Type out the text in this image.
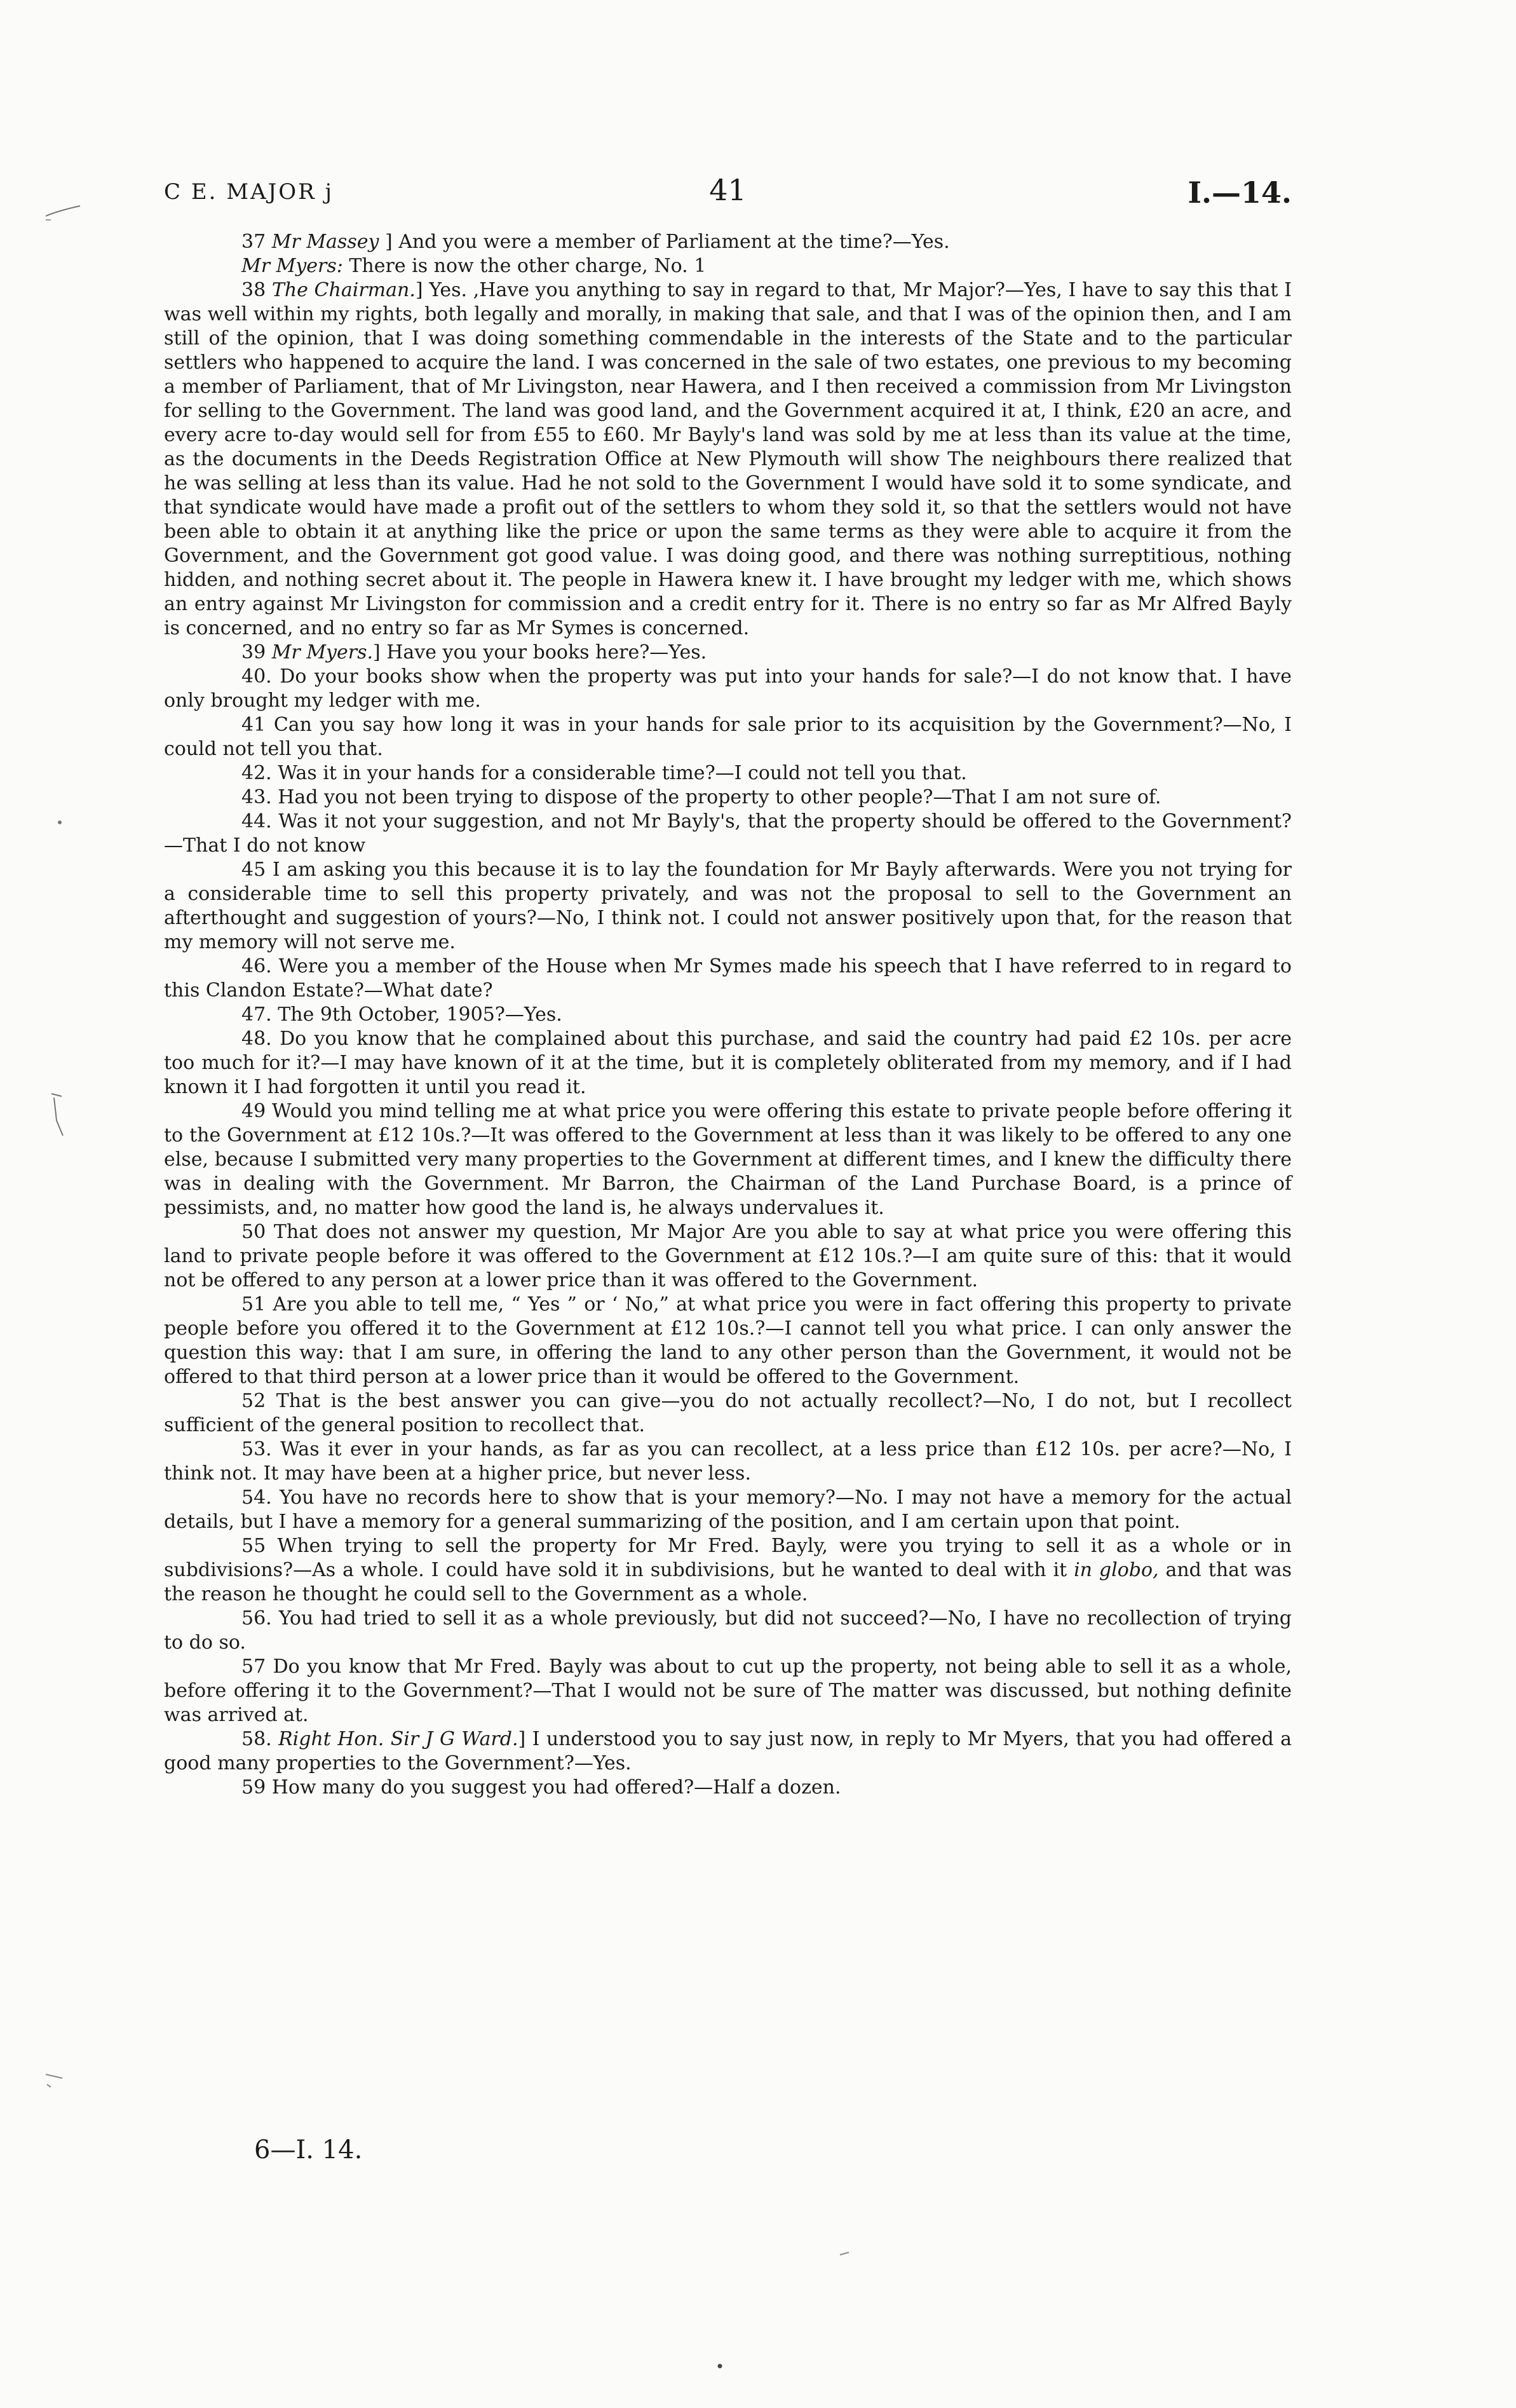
C E. MAJOR j	41	I.—14.

37 Mr Massey ] And you were a member of Parliament at the time?—Yes.

Mr Myers: There is now the other charge, No. 1

38 The Chairman.] Yes. ,Have you anything to say in regard to that, Mr Major?—Yes, I have to say this that I was well within my rights, both legally and morally, in making that sale, and that I was of the opinion then, and I am still of the opinion, that I was doing something commendable in the interests of the State and to the particular settlers who happened to acquire the land. I was concerned in the sale of two estates, one previous to my becoming a member of Parliament, that of Mr Livingston, near Hawera, and I then received a commission from Mr Livingston for selling to the Government. The land was good land, and the Government acquired it at, I think, £20 an acre, and every acre to-day would sell for from £55 to £60. Mr Bayly's land was sold by me at less than its value at the time, as the documents in the Deeds Registration Office at New Plymouth will show The neighbours there realized that he was selling at less than its value. Had he not sold to the Government I would have sold it to some syndicate, and that syndicate would have made a profit out of the settlers to whom they sold it, so that the settlers would not have been able to obtain it at anything like the price or upon the same terms as they were able to acquire it from the Government, and the Government got good value. I was doing good, and there was nothing surreptitious, nothing hidden, and nothing secret about it. The people in Hawera knew it. I have brought my ledger with me, which shows an entry against Mr Livingston for commission and a credit entry for it. There is no entry so far as Mr Alfred Bayly is concerned, and no entry so far as Mr Symes is concerned.

39 Mr Myers.] Have you your books here?—Yes.

40. Do your books show when the property was put into your hands for sale?—I do not know that. I have only brought my ledger with me.

41 Can you say how long it was in your hands for sale prior to its acquisition by the Government?—No, I could not tell you that.

42. Was it in your hands for a considerable time?—I could not tell you that.

43. Had you not been trying to dispose of the property to other people?—That I am not sure of.

44. Was it not your suggestion, and not Mr Bayly's, that the property should be offered to the Government?—That I do not know

45 I am asking you this because it is to lay the foundation for Mr Bayly afterwards. Were you not trying for a considerable time to sell this property privately, and was not the proposal to sell to the Government an afterthought and suggestion of yours?—No, I think not. I could not answer positively upon that, for the reason that my memory will not serve me.

46. Were you a member of the House when Mr Symes made his speech that I have referred to in regard to this Clandon Estate?—What date?

47. The 9th October, 1905?—Yes.

48. Do you know that he complained about this purchase, and said the country had paid £2 10s. per acre too much for it?—I may have known of it at the time, but it is completely obliterated from my memory, and if I had known it I had forgotten it until you read it.

49 Would you mind telling me at what price you were offering this estate to private people before offering it to the Government at £12 10s.?—It was offered to the Government at less than it was likely to be offered to any one else, because I submitted very many properties to the Government at different times, and I knew the difficulty there was in dealing with the Government. Mr Barron, the Chairman of the Land Purchase Board, is a prince of pessimists, and, no matter how good the land is, he always undervalues it.

50 That does not answer my question, Mr Major Are you able to say at what price you were offering this land to private people before it was offered to the Government at £12 10s.?—I am quite sure of this: that it would not be offered to any person at a lower price than it was offered to the Government.

51 Are you able to tell me, “ Yes ” or ‘ No,” at what price you were in fact offering this property to private people before you offered it to the Government at £12 10s.?—I cannot tell you what price. I can only answer the question this way: that I am sure, in offering the land to any other person than the Government, it would not be offered to that third person at a lower price than it would be offered to the Government.

52 That is the best answer you can give—you do not actually recollect?—No, I do not, but I recollect sufficient of the general position to recollect that.

53. Was it ever in your hands, as far as you can recollect, at a less price than £12 10s. per acre?—No, I think not. It may have been at a higher price, but never less.

54. You have no records here to show that is your memory?—No. I may not have a memory for the actual details, but I have a memory for a general summarizing of the position, and I am certain upon that point.

55 When trying to sell the property for Mr Fred. Bayly, were you trying to sell it as a whole or in subdivisions?—As a whole. I could have sold it in subdivisions, but he wanted to deal with it in globo, and that was the reason he thought he could sell to the Government as a whole.

56. You had tried to sell it as a whole previously, but did not succeed?—No, I have no recollection of trying to do so.

57 Do you know that Mr Fred. Bayly was about to cut up the property, not being able to sell it as a whole, before offering it to the Government?—That I would not be sure of The matter was discussed, but nothing definite was arrived at.

58. Right Hon. Sir J G Ward.] I understood you to say just now, in reply to Mr Myers, that you had offered a good many properties to the Government?—Yes.

59 How many do you suggest you had offered?—Half a dozen.

6—I. 14.
